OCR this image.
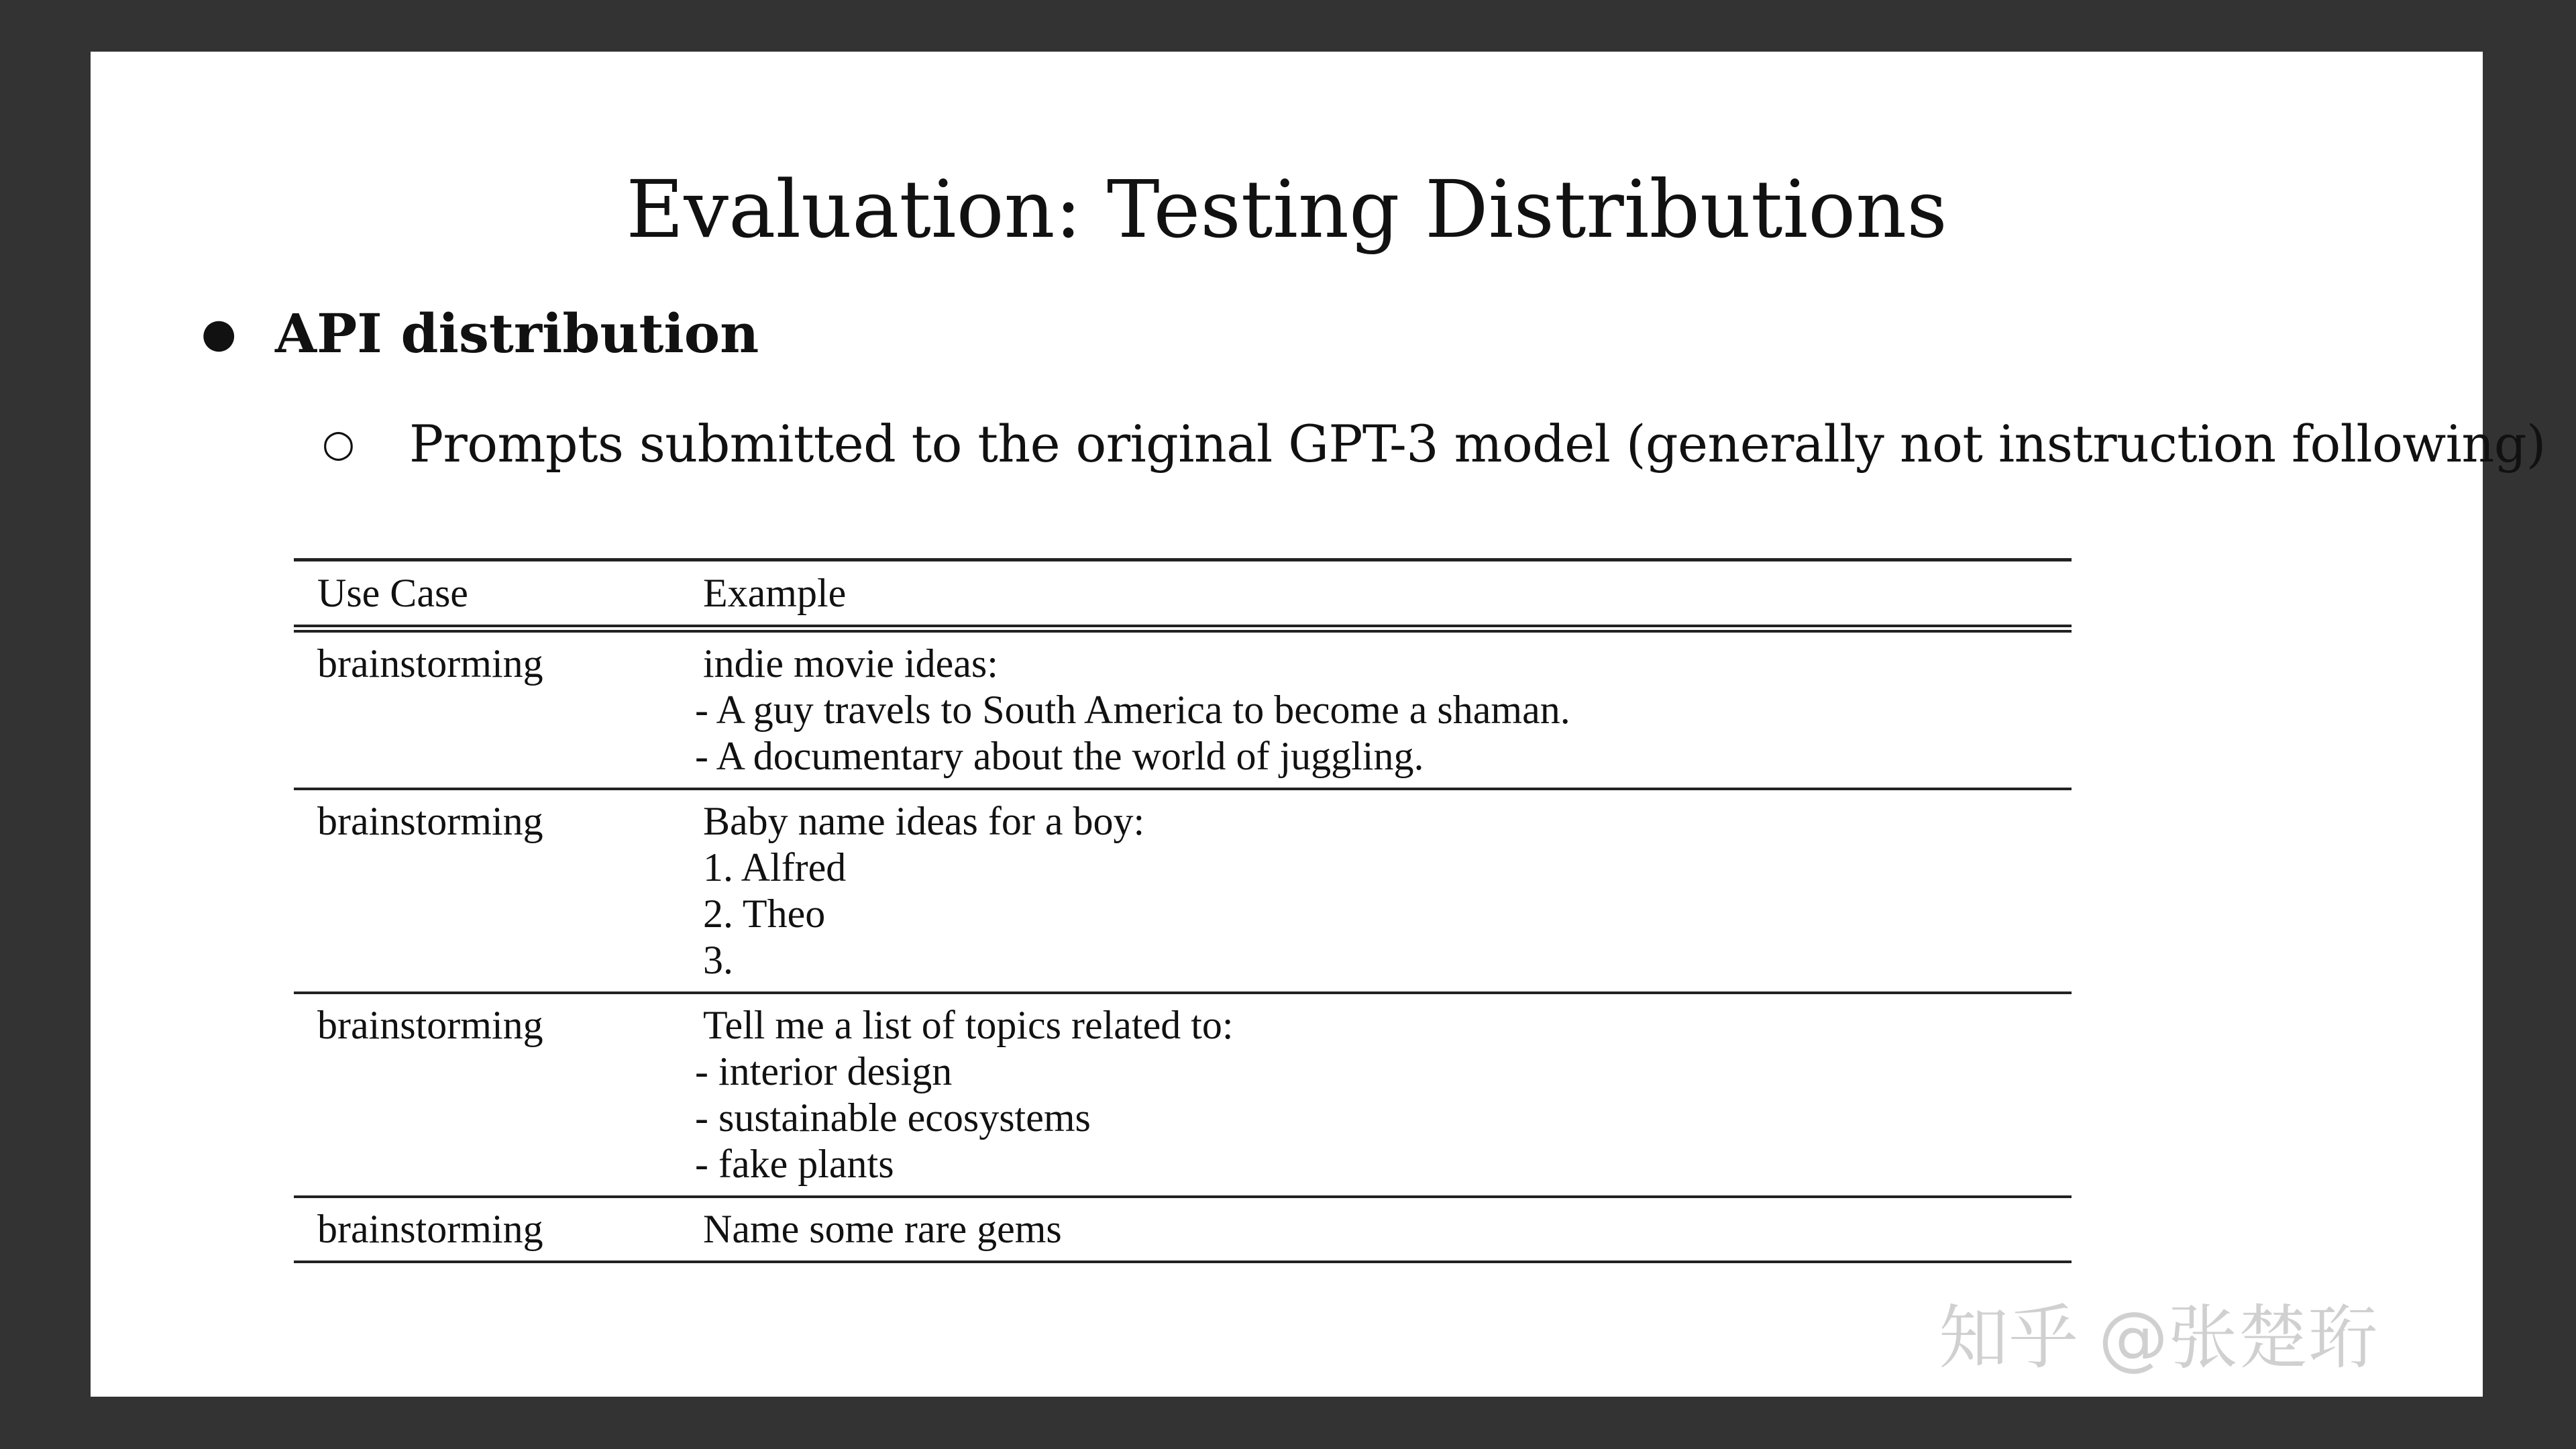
Evaluation: Testing Distributions
● API distribution
○	Prompts submitted to the original GPT-3 model (generally not instruction following)
Use Case	Example
brainstorming	indie movie ideas:
- A guy travels to South America to become a shaman.
- A documentary about the world of juggling.

brainstorming	Baby name ideas for a boy:
1. Alfred
2. Theo
3.

brainstorming	Tell me a list of topics related to:
- interior design
- sustainable ecosystems
- fake plants

brainstorming	Name some rare gems
知乎 @张楚珩
